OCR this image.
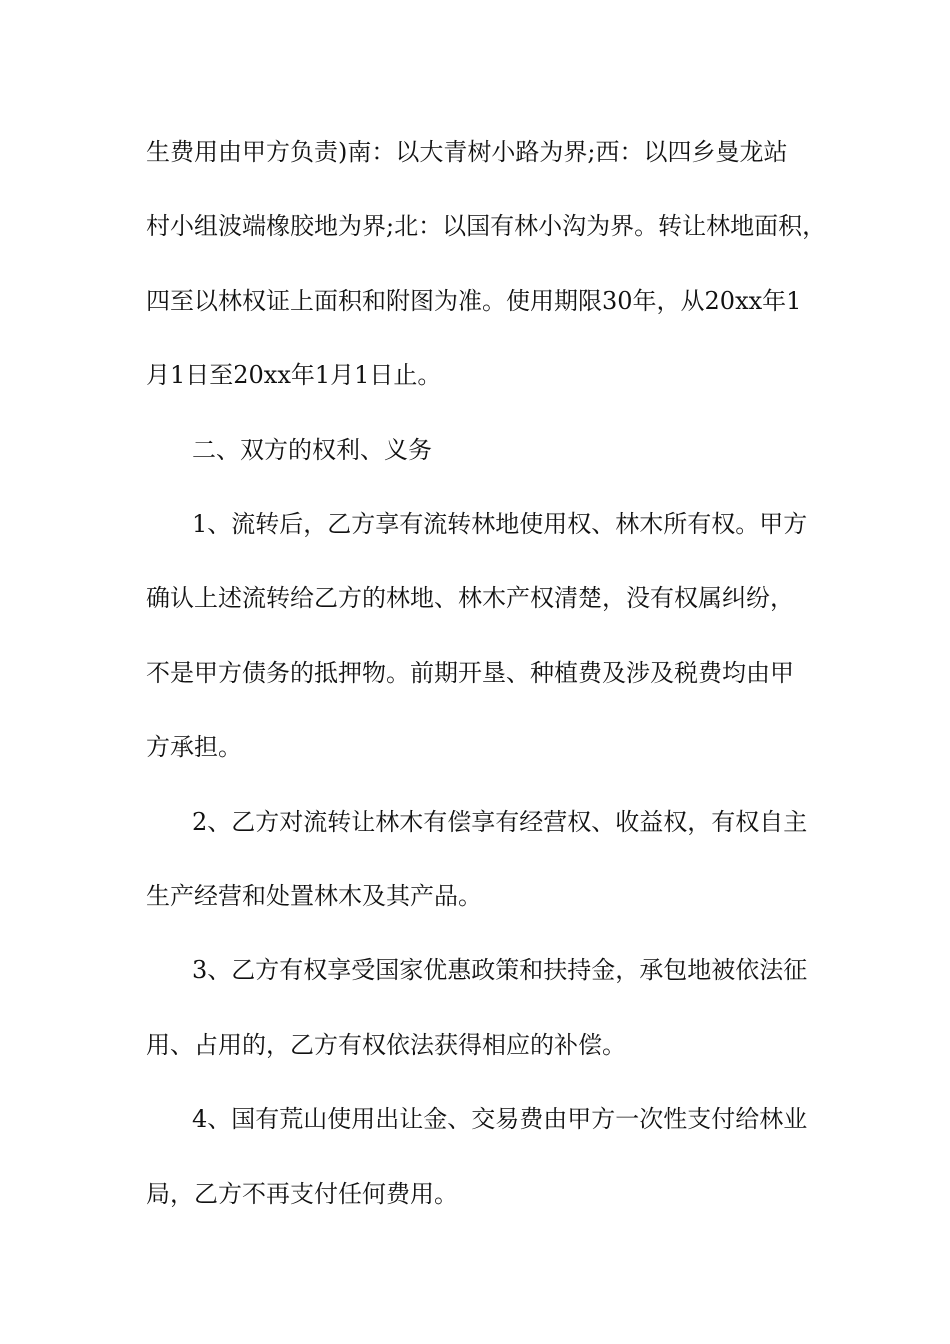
生费用由甲方负责)南：以大青树小路为界;西：以四乡曼龙站
村小组波端橡胶地为界;北：以国有林小沟为界。转让林地面积，
四至以林权证上面积和附图为准。使用期限30年，从20xx年1
月1日至20xx年1月1日止。
二、双方的权利、义务
1、流转后，乙方享有流转林地使用权、林木所有权。甲方
确认上述流转给乙方的林地、林木产权清楚，没有权属纠纷，
不是甲方债务的抵押物。前期开垦、种植费及涉及税费均由甲
方承担。
2、乙方对流转让林木有偿享有经营权、收益权，有权自主
生产经营和处置林木及其产品。
3、乙方有权享受国家优惠政策和扶持金，承包地被依法征
用、占用的，乙方有权依法获得相应的补偿。
4、国有荒山使用出让金、交易费由甲方一次性支付给林业
局，乙方不再支付任何费用。
